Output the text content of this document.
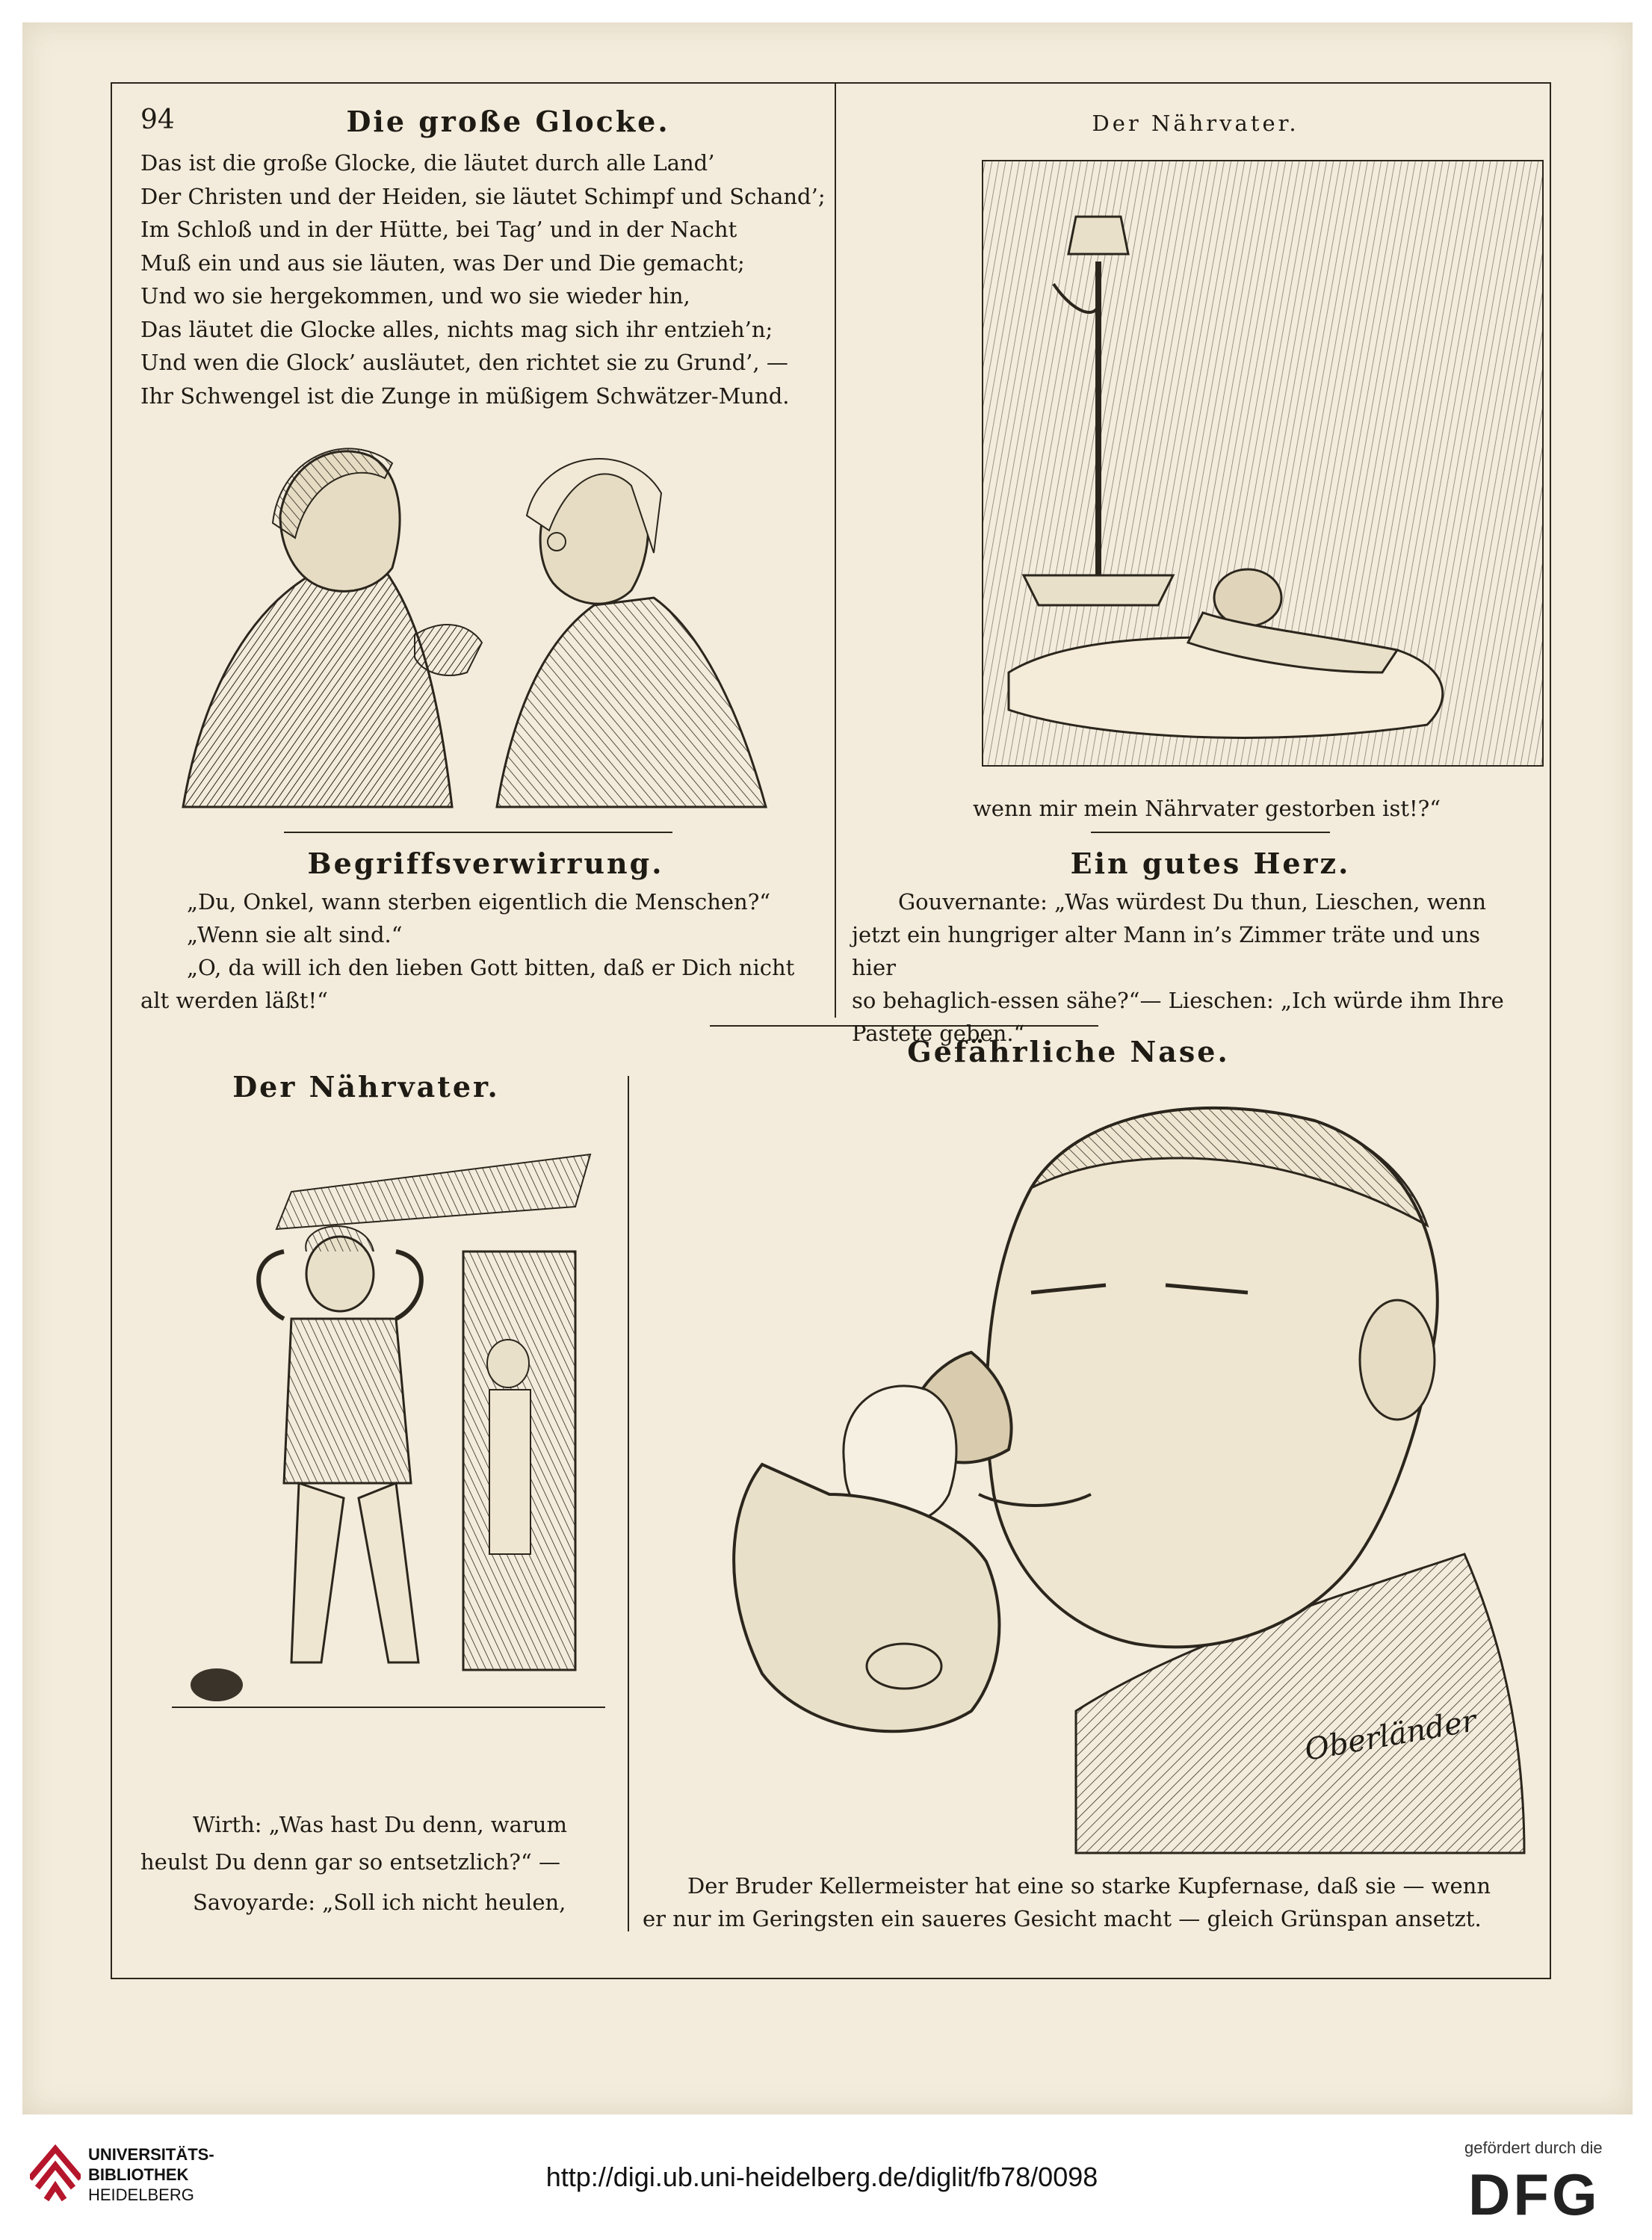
94	Die große Glocke.	Der Nährvater.
Das ist die große Glocke, die läutet durch alle Land’
Der Christen und der Heiden, sie läutet Schimpf und Schand’;
Im Schloß und in der Hütte, bei Tag’ und in der Nacht
Muß ein und aus sie läuten, was Der und Die gemacht;
Und wo sie hergekommen, und wo sie wieder hin,
Das läutet die Glocke alles, nichts mag sich ihr entzieh’n;
Und wen die Glock’ ausläutet, den richtet sie zu Grund’, —
Ihr Schwengel ist die Zunge in müßigem Schwätzer-Mund.
wenn mir mein Nährvater gestorben ist!?“
Begriffsverwirrung.
„Du, Onkel, wann sterben eigentlich die Menschen?“
„Wenn sie alt sind.“
„O, da will ich den lieben Gott bitten, daß er Dich nicht
alt werden läßt!“
Ein gutes Herz.
Gouvernante: „Was würdest Du thun, Lieschen, wenn
jetzt ein hungriger alter Mann in’s Zimmer träte und uns hier
so behaglich-essen sähe?“— Lieschen: „Ich würde ihm Ihre
Pastete geben.“
Der Nährvater.
Wirth: „Was hast Du denn, warum
heulst Du denn gar so entsetzlich?“ —
Savoyarde: „Soll ich nicht heulen,
Gefährliche Nase.
Oberländer
Der Bruder Kellermeister hat eine so starke Kupfernase, daß sie — wenn
er nur im Geringsten ein saueres Gesicht macht — gleich Grünspan ansetzt.
UNIVERSITÄTS-
BIBLIOTHEK
HEIDELBERG
http://digi.ub.uni-heidelberg.de/diglit/fb78/0098
gefördert durch die
DFG
